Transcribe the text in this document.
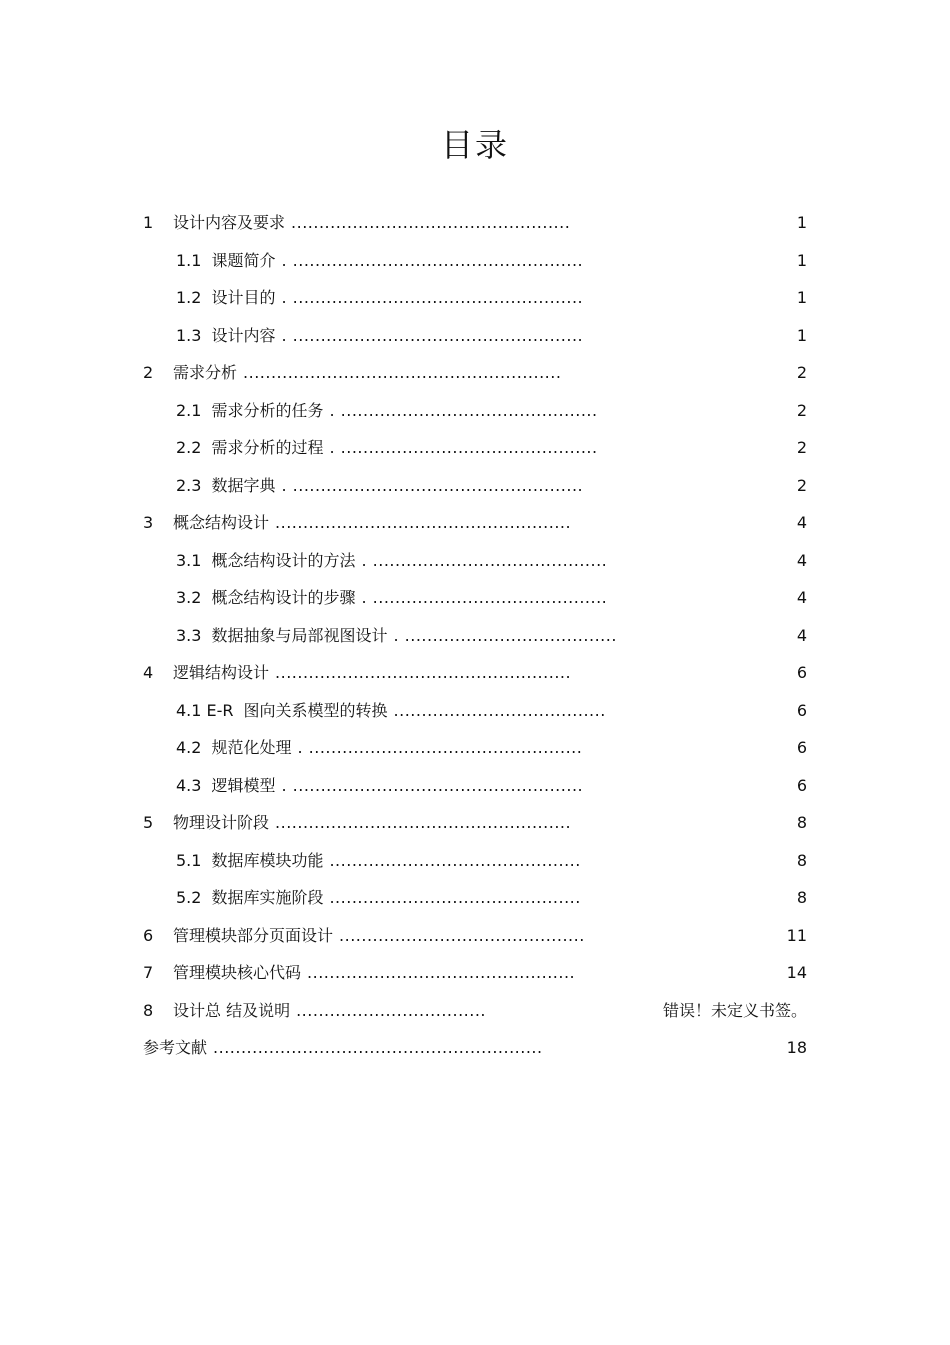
目录
1 设计内容及要求 ..................................................	1
1.1 课题简介 . ....................................................	1
1.2 设计目的 . ....................................................	1
1.3 设计内容 . ....................................................	1
2 需求分析 .........................................................	2
2.1 需求分析的任务 . ..............................................	2
2.2 需求分析的过程 . ..............................................	2
2.3 数据字典 . ....................................................	2
3 概念结构设计 .....................................................	4
3.1 概念结构设计的方法 . ..........................................	4
3.2 概念结构设计的步骤 . ..........................................	4
3.3 数据抽象与局部视图设计 . ......................................	4
4 逻辑结构设计 .....................................................	6
4.1 E-R 图向关系模型的转换 ......................................	6
4.2 规范化处理 . .................................................	6
4.3 逻辑模型 . ....................................................	6
5 物理设计阶段 .....................................................	8
5.1 数据库模块功能 .............................................	8
5.2 数据库实施阶段 .............................................	8
6 管理模块部分页面设计 ............................................	11
7 管理模块核心代码 ................................................	14
8 设计总 结及说明 ..................................	错误！未定义书签。
参考文献 ...........................................................	18
